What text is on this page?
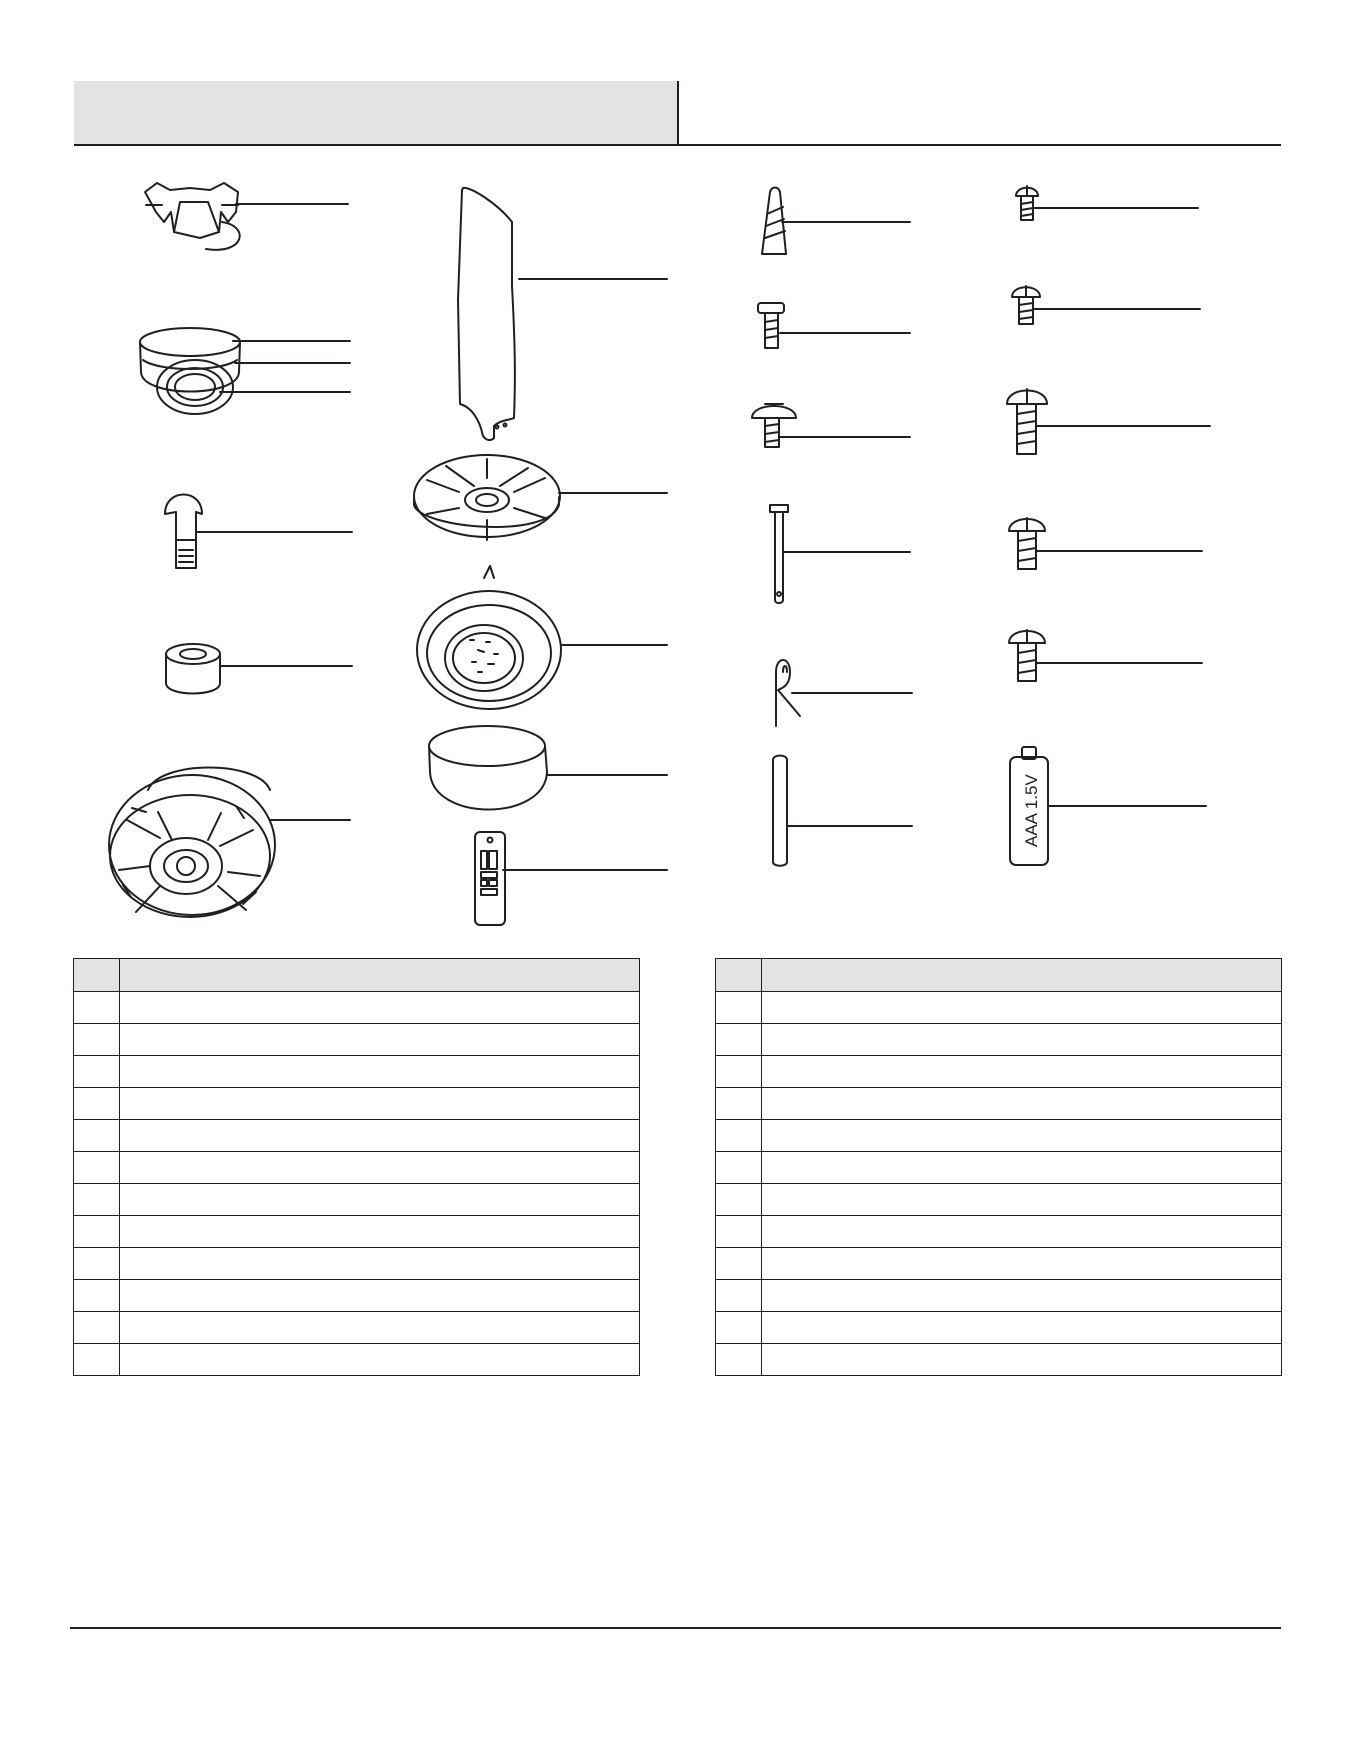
AAA 1.5V
